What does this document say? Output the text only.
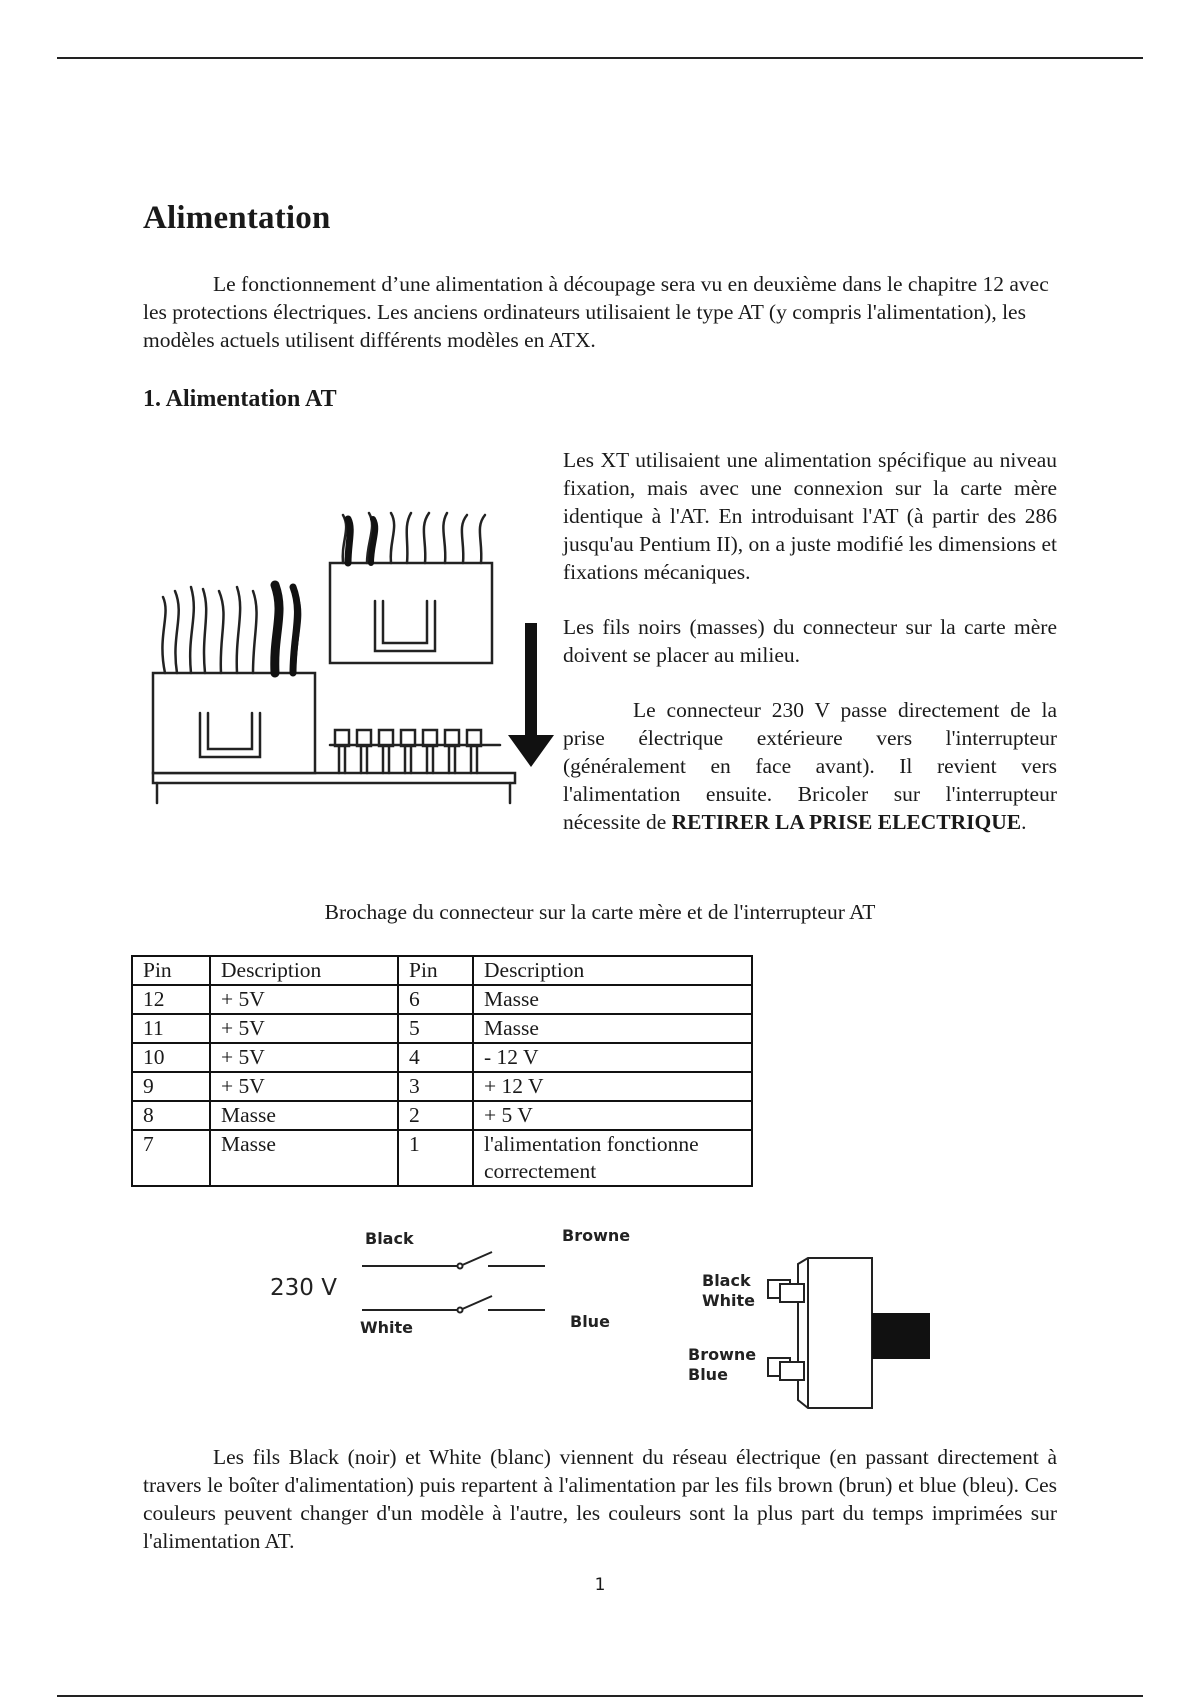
Alimentation

Le fonctionnement d’une alimentation à découpage sera vu en deuxième dans le chapitre 12 avec les protections électriques. Les anciens ordinateurs utilisaient le type AT (y compris l'alimentation), les modèles actuels utilisent différents modèles en ATX.

1. Alimentation AT

Les XT utilisaient une alimentation spécifique au niveau fixation, mais avec une connexion sur la carte mère identique à l'AT. En introduisant l'AT (à partir des 286 jusqu'au Pentium II), on a juste modifié les dimensions et fixations mécaniques.

Les fils noirs (masses) du connecteur sur la carte mère doivent se placer au milieu.

Le connecteur 230 V passe directement de la prise électrique extérieure vers l'interrupteur (généralement en face avant). Il revient vers l'alimentation ensuite. Bricoler sur l'interrupteur nécessite de RETIRER LA PRISE ELECTRIQUE.

Brochage du connecteur sur la carte mère et de l'interrupteur AT
Pin	Description	Pin	Description
12	+ 5V	6	Masse
11	+ 5V	5	Masse
10	+ 5V	4	- 12 V
9	+ 5V	3	+ 12 V
8	Masse	2	+ 5 V
7	Masse	1	l'alimentation fonctionne correctement
230 V
Black
White
Browne
Blue
Black
White
Browne
Blue

Les fils Black (noir) et White (blanc) viennent du réseau électrique (en passant directement à travers le boîter d'alimentation) puis repartent à l'alimentation par les fils brown (brun) et blue (bleu). Ces couleurs peuvent changer d'un modèle à l'autre, les couleurs sont la plus part du temps imprimées sur l'alimentation AT.

1
